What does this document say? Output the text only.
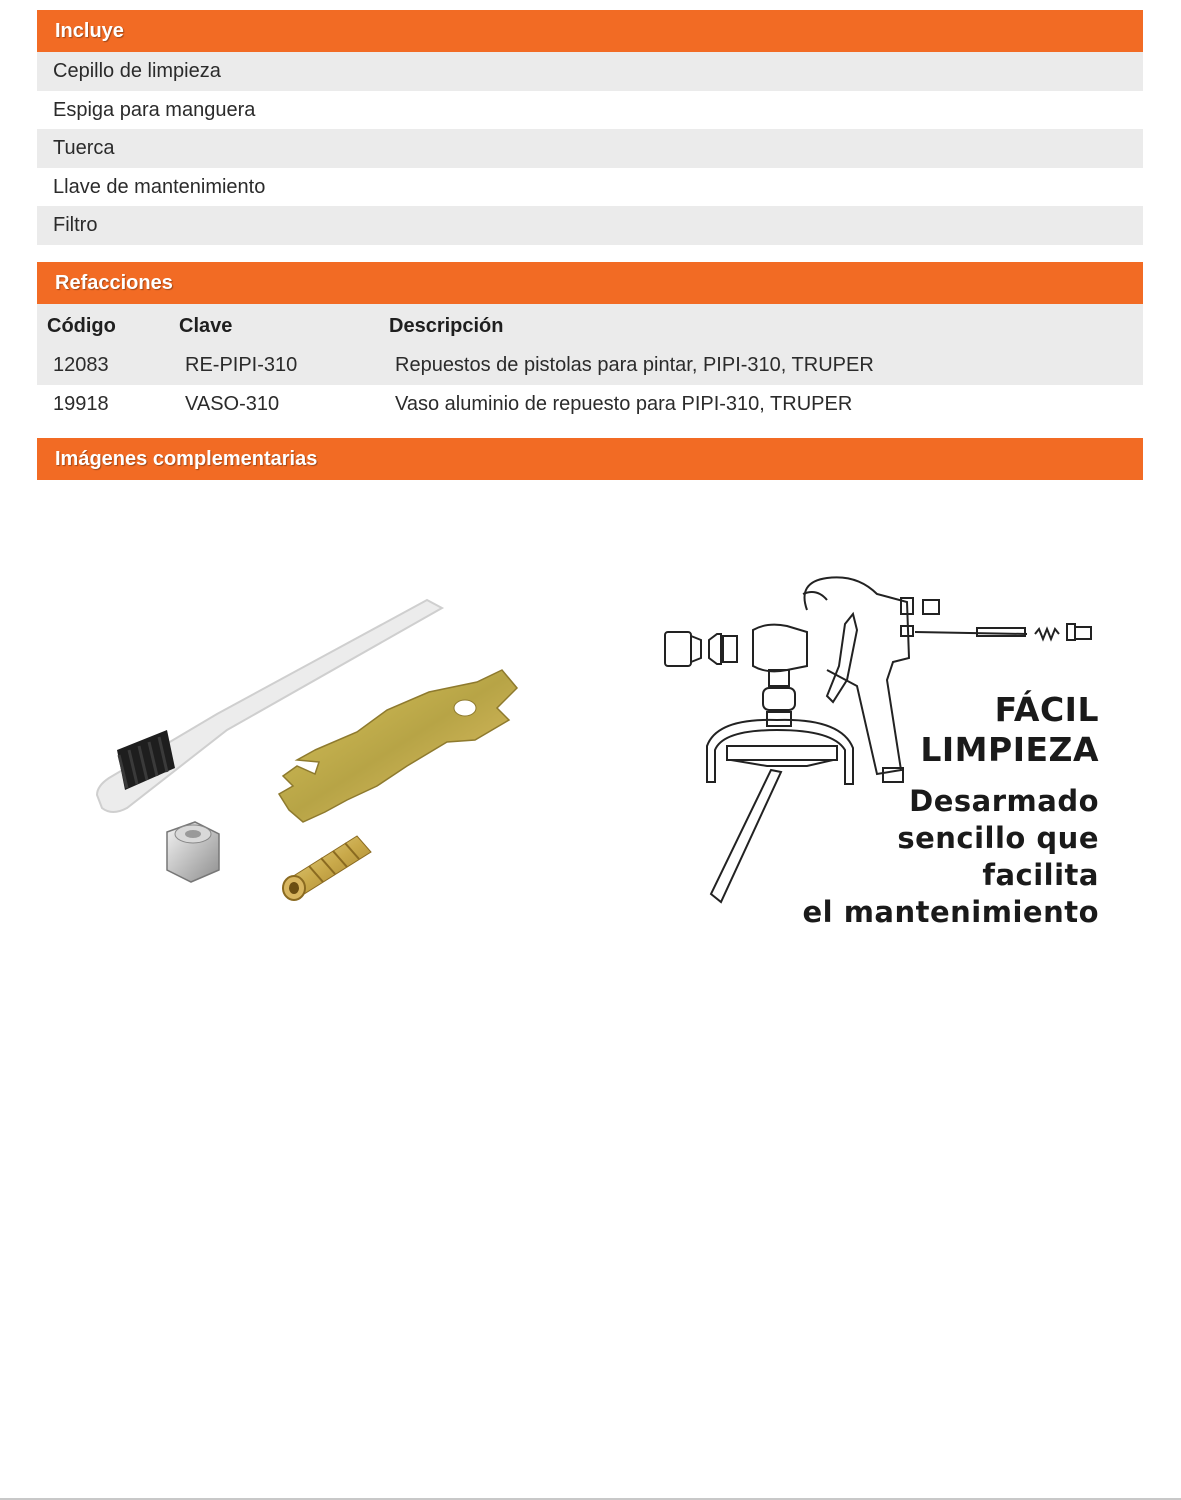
Incluye
Cepillo de limpieza
Espiga para manguera
Tuerca
Llave de mantenimiento
Filtro
Refacciones
Código	Clave	Descripción
12083	RE-PIPI-310	Repuestos de pistolas para pintar, PIPI-310, TRUPER
19918	VASO-310	Vaso aluminio de repuesto para PIPI-310, TRUPER
Imágenes complementarias
FÁCIL
LIMPIEZA
Desarmado
sencillo que facilita
el mantenimiento
